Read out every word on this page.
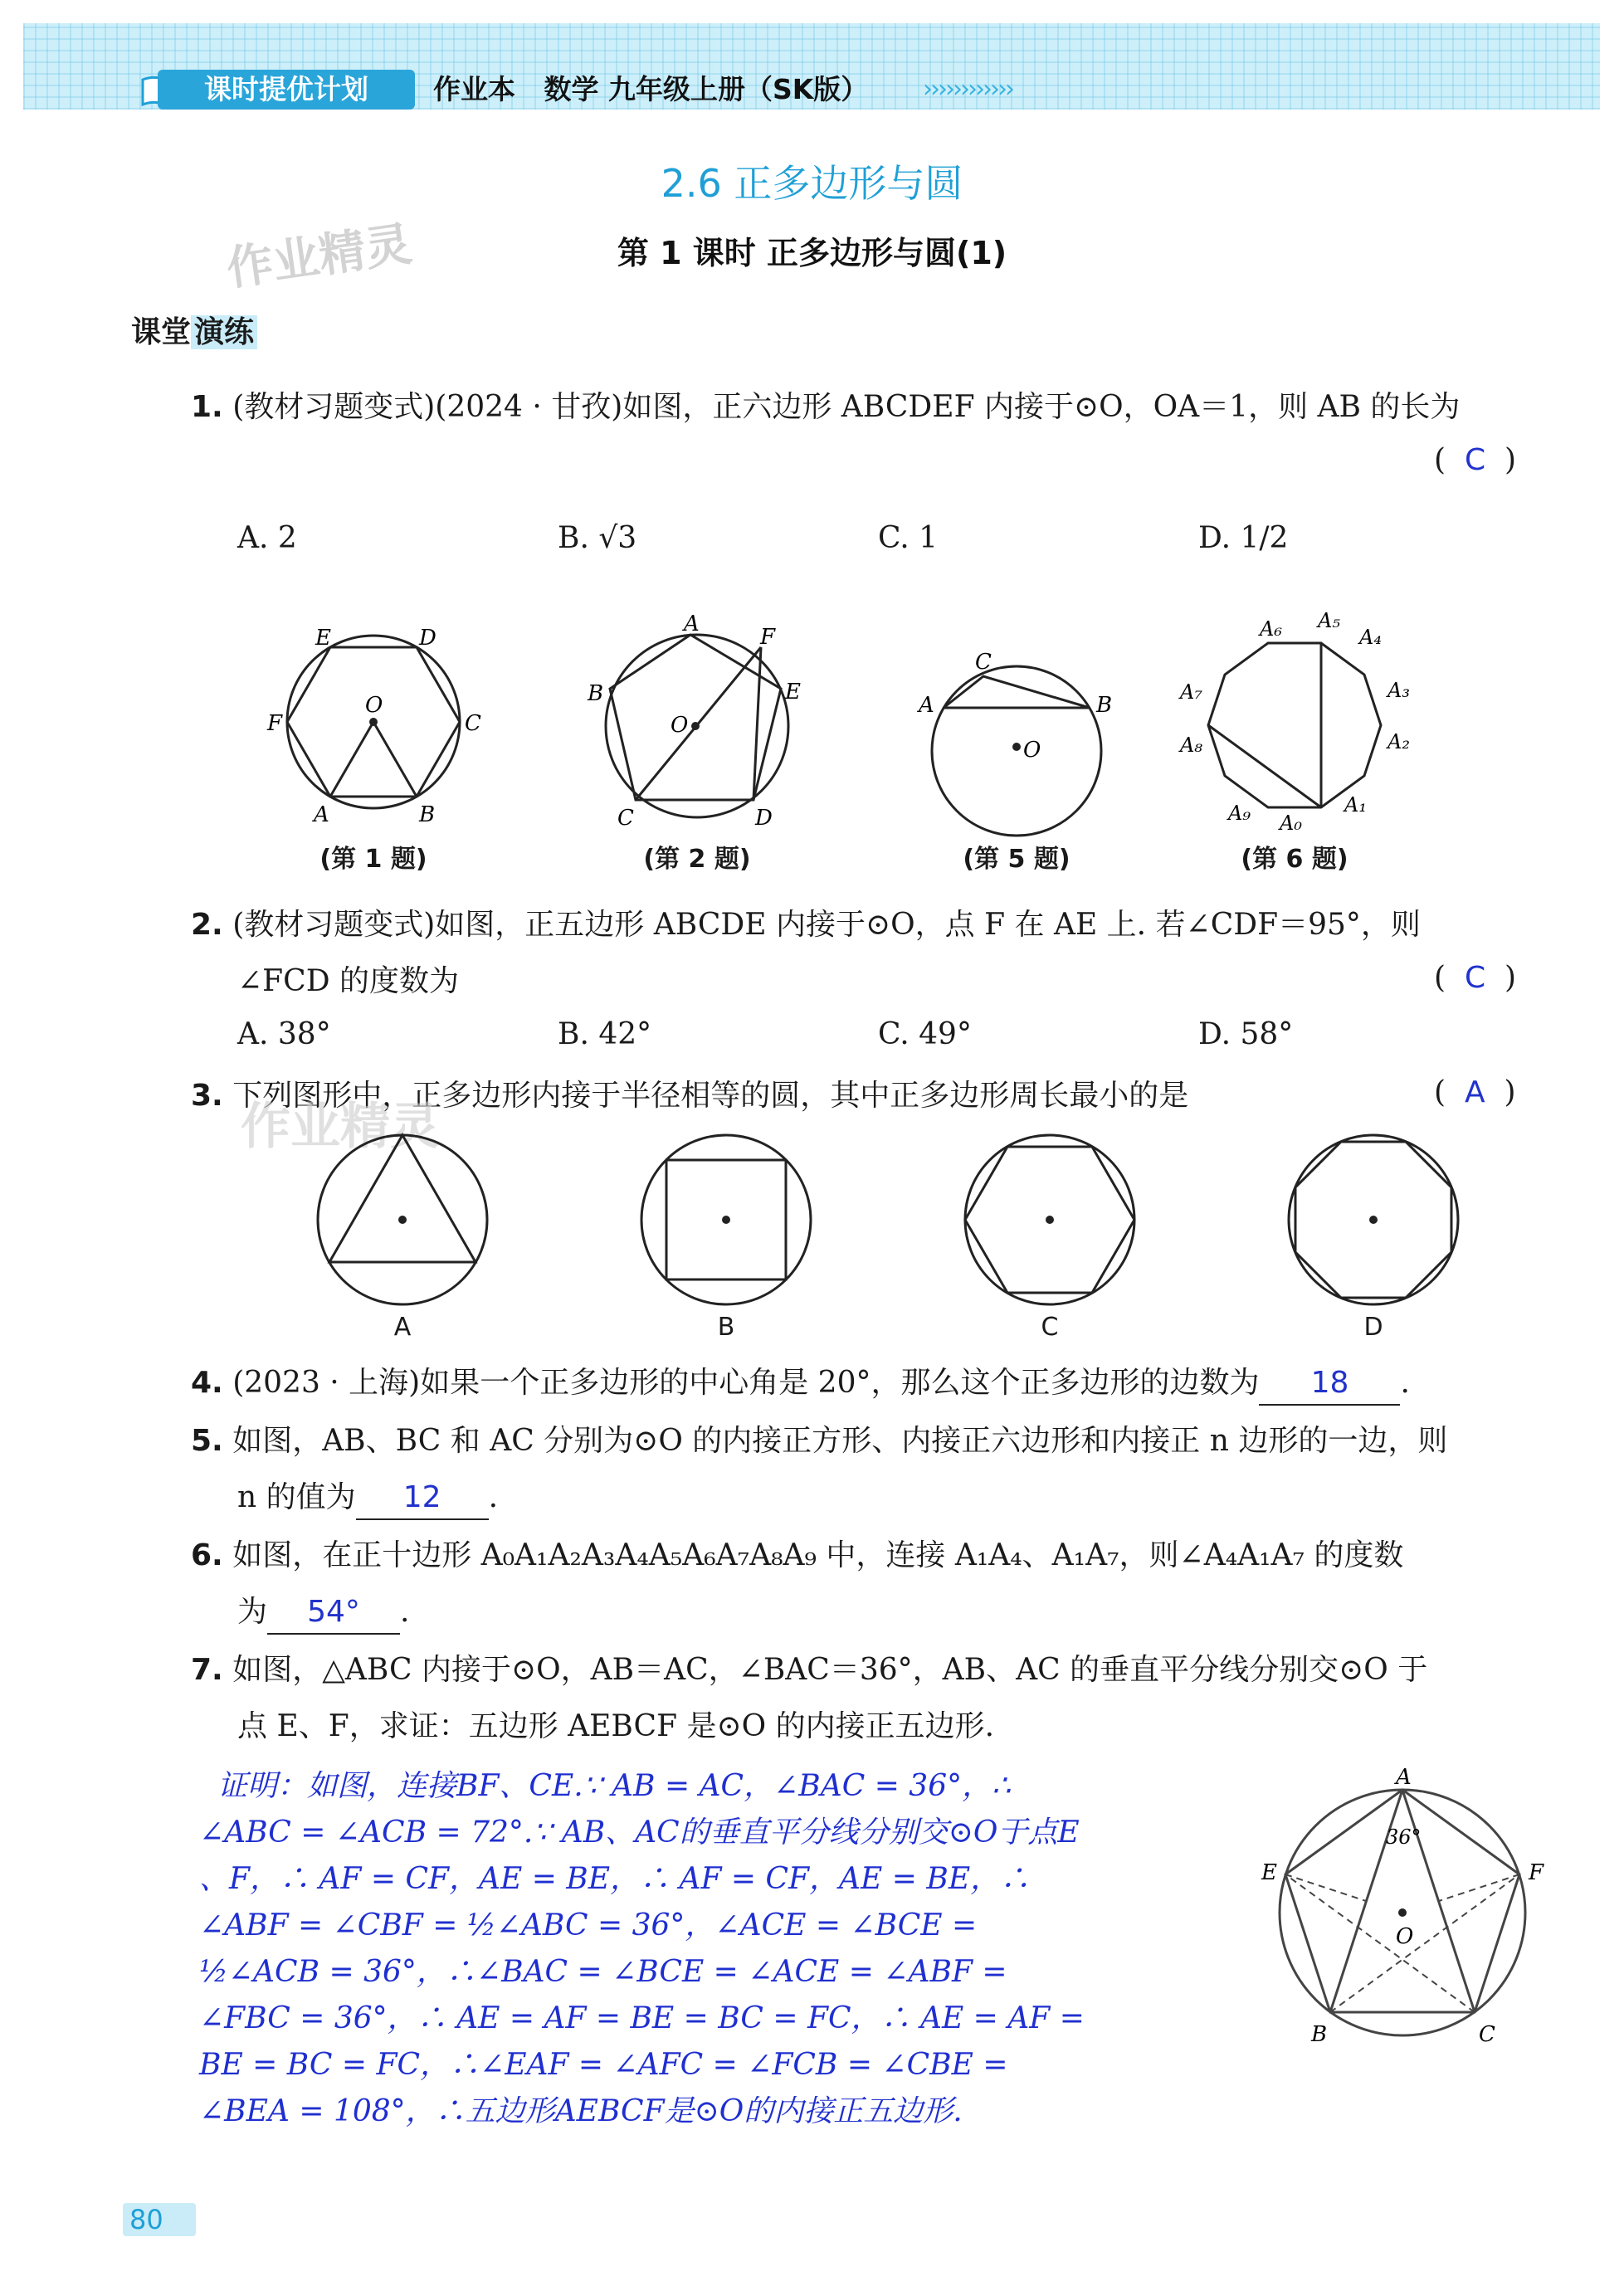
课时提优计划	作业本 数学 九年级上册（SK版） ››››››››››››
2.6 正多边形与圆
第 1 课时 正多边形与圆(1)
作业精灵
课堂 演练
1. (教材习题变式)(2024 · 甘孜)如图，正六边形 ABCDEF 内接于⊙O，OA＝1，则 AB 的长为
(  C  )
A. 2	B. √3	C. 1	D. 1/2
E	D
F	C
A	B
O
A
F
E
B
C	D
O
C
A	B
O
A₆ A₅
A₄
A₃
A₂
A₁
A₀
A₉
A₈
A₇
(第 1 题)	(第 2 题)	(第 5 题)	(第 6 题)
2. (教材习题变式)如图，正五边形 ABCDE 内接于⊙O，点 F 在 AE 上. 若∠CDF＝95°，则
∠FCD 的度数为	(  C  )
A. 38°	B. 42°	C. 49°	D. 58°
3. 下列图形中，正多边形内接于半径相等的圆，其中正多边形周长最小的是
作业精灵
(  A  )
A	B	C	D
4. (2023 · 上海)如果一个正多边形的中心角是 20°，那么这个正多边形的边数为 18 .
5. 如图，AB、BC 和 AC 分别为⊙O 的内接正方形、内接正六边形和内接正 n 边形的一边，则
n 的值为 12 .
6. 如图，在正十边形 A₀A₁A₂A₃A₄A₅A₆A₇A₈A₉ 中，连接 A₁A₄、A₁A₇，则∠A₄A₁A₇ 的度数
为 54° .
7. 如图，△ABC 内接于⊙O，AB＝AC，∠BAC＝36°，AB、AC 的垂直平分线分别交⊙O 于
点 E、F，求证：五边形 AEBCF 是⊙O 的内接正五边形.
证明：如图，连接BF、CE.∵ AB = AC，∠BAC = 36°，∴
∠ABC = ∠ACB = 72°.∵ AB、AC的垂直平分线分别交⊙O于点E
、F，∴ AF = CF，AE = BE，∴ AF = CF，AE = BE，∴
∠ABF = ∠CBF = ½∠ABC = 36°，∠ACE = ∠BCE =
½∠ACB = 36°，∴∠BAC = ∠BCE = ∠ACE = ∠ABF =
∠FBC = 36°，∴ AE = AF = BE = BC = FC，∴ AE = AF =
BE = BC = FC，∴∠EAF = ∠AFC = ∠FCB = ∠CBE =
∠BEA = 108°，∴五边形AEBCF是⊙O的内接正五边形.
A
E	F
B	C
O
36°
80
